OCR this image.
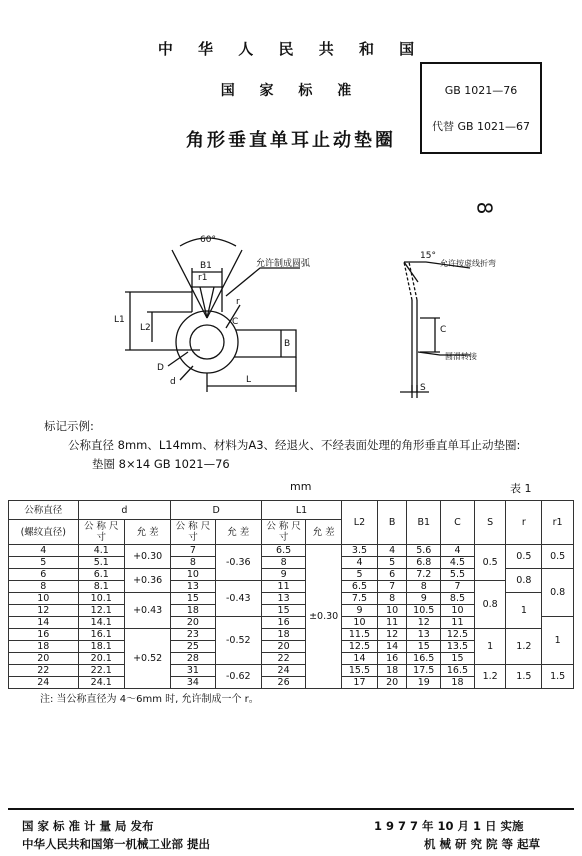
中 华 人 民 共 和 国
国 家 标 准
角形垂直单耳止动垫圈
GB 1021—76
代替 GB 1021—67
8
60°
B1
r1
允许制成圆弧
r
L1
L2
C
B
D
d	L
15°
允许按虚线折弯
C
圆滑转接
S
标记示例:
公称直径 8mm、L14mm、材料为A3、经退火、不经表面处理的角形垂直单耳止动垫圈:
垫圈 8×14 GB 1021—76
mm	表 1
公称直径	d		D		L1		L2	B	B1	C	S	r	r1
(螺纹直径)	公 称 尺 寸	允 差	公 称 尺 寸	允 差	公 称 尺 寸	允 差							
4	4.1	+0.30	7	-0.36	6.5	±0.30	3.5	4	5.6	4	0.5	0.5	0.5
5	5.1		8		8		4	5	6.8	4.5			
6	6.1	+0.36	10		9		5	6	7.2	5.5		0.8	0.8
8	8.1		13	-0.43	11		6.5	7	8	7	0.8		
10	10.1	+0.43	15		13		7.5	8	9	8.5		1	
12	12.1		18		15		9	10	10.5	10			
14	14.1		20	-0.52	16		10	11	12	11			1
16	16.1	+0.52	23		18		11.5	12	13	12.5	1	1.2	
18	18.1		25		20		12.5	14	15	13.5			
20	20.1		28		22		14	16	16.5	15			
22	22.1		31	-0.62	24		15.5	18	17.5	16.5	1.2	1.5	1.5
24	24.1		34		26		17	20	19	18			
注: 当公称直径为 4～6mm 时, 允许制成一个 r。
国 家 标 准 计 量 局 发布	1 9 7 7 年 10 月 1 日 实施
中华人民共和国第一机械工业部 提出	机 械 研 究 院 等 起草
